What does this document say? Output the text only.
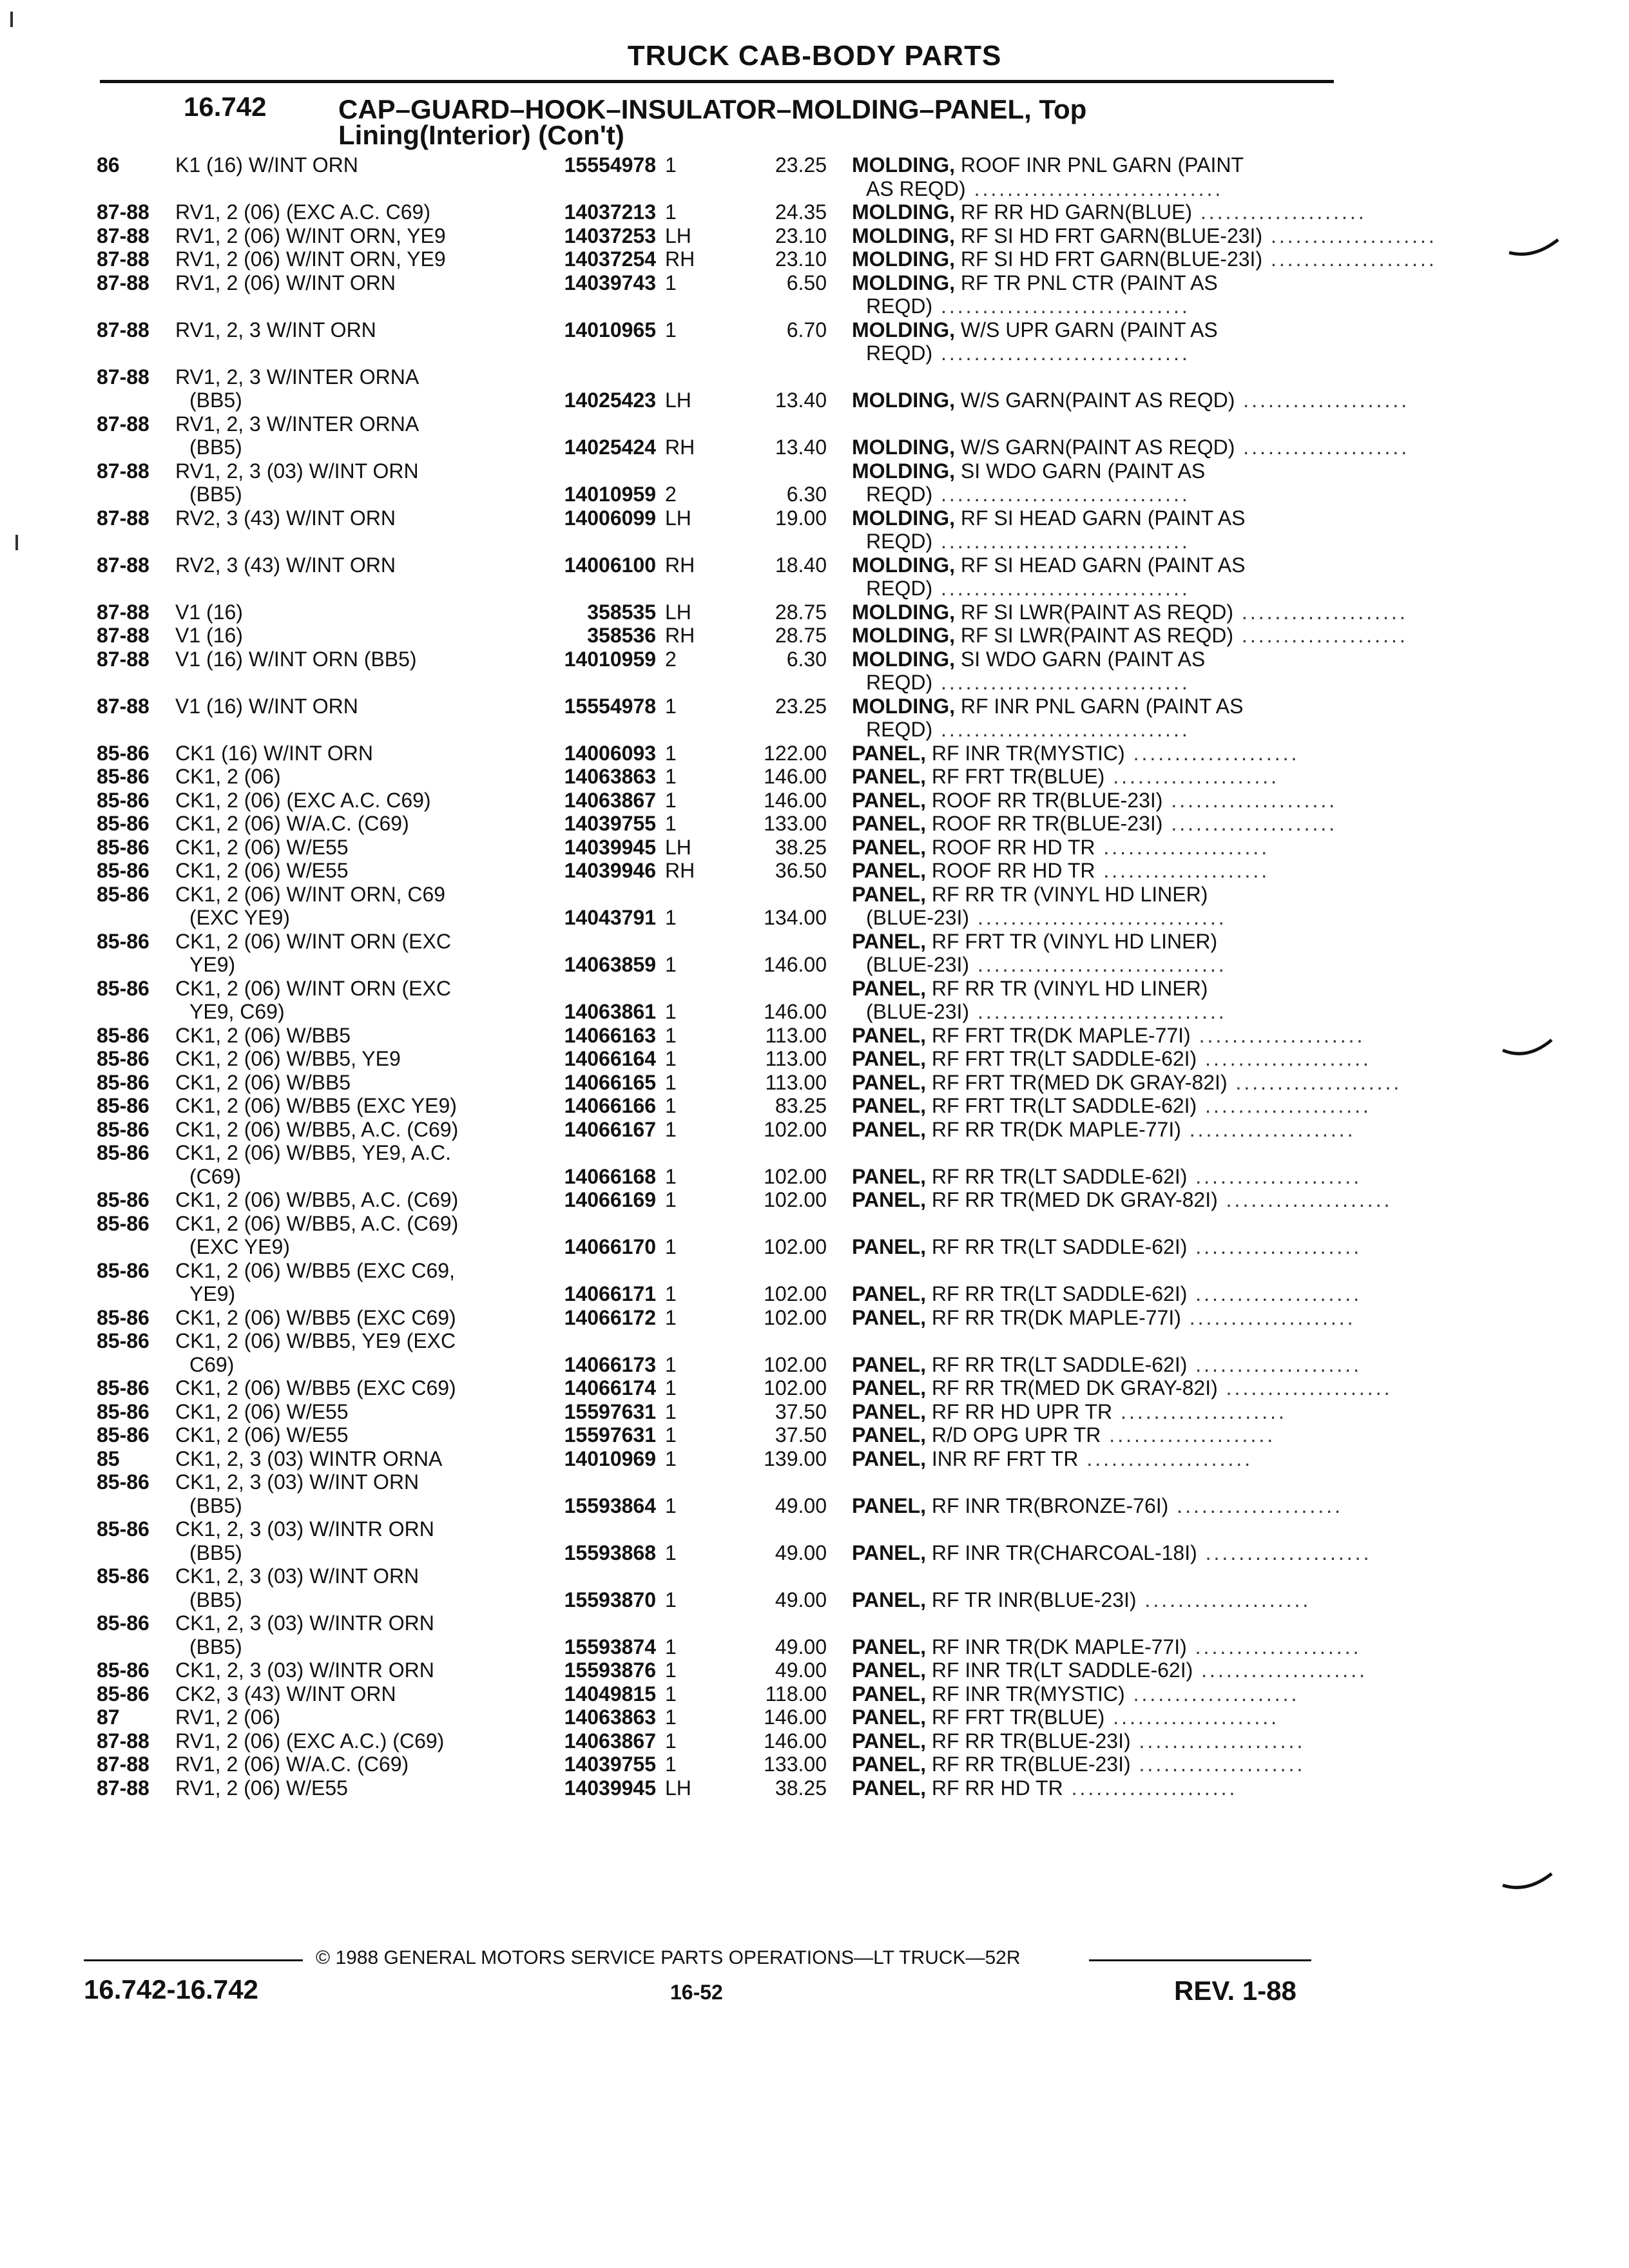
TRUCK CAB-BODY PARTS
16.742	CAP–GUARD–HOOK–INSULATOR–MOLDING–PANEL, Top
Lining(Interior) (Con't)
86	K1 (16) W/INT ORN	15554978 1	23.25 MOLDING, ROOF INR PNL GARN (PAINT
AS REQD) ..............................
87-88 RV1, 2 (06) (EXC A.C. C69)	14037213 1	24.35 MOLDING, RF RR HD GARN(BLUE) ....................
87-88 RV1, 2 (06) W/INT ORN, YE9	14037253 LH	23.10 MOLDING, RF SI HD FRT GARN(BLUE-23I) ....................
87-88 RV1, 2 (06) W/INT ORN, YE9	14037254 RH	23.10 MOLDING, RF SI HD FRT GARN(BLUE-23I) ....................
87-88 RV1, 2 (06) W/INT ORN	14039743 1	6.50 MOLDING, RF TR PNL CTR (PAINT AS
REQD) ..............................
87-88 RV1, 2, 3 W/INT ORN	14010965 1	6.70 MOLDING, W/S UPR GARN (PAINT AS
REQD) ..............................
87-88 RV1, 2, 3 W/INTER ORNA
(BB5)	14025423 LH	13.40 MOLDING, W/S GARN(PAINT AS REQD) ....................
87-88 RV1, 2, 3 W/INTER ORNA
(BB5)	14025424 RH	13.40 MOLDING, W/S GARN(PAINT AS REQD) ....................
87-88 RV1, 2, 3 (03) W/INT ORN
(BB5)	14010959 2	6.30
MOLDING, SI WDO GARN (PAINT AS
REQD) ..............................
87-88 RV2, 3 (43) W/INT ORN	14006099 LH	19.00 MOLDING, RF SI HEAD GARN (PAINT AS
REQD) ..............................
87-88 RV2, 3 (43) W/INT ORN	14006100 RH	18.40 MOLDING, RF SI HEAD GARN (PAINT AS
REQD) ..............................
87-88 V1 (16)	358535 LH	28.75 MOLDING, RF SI LWR(PAINT AS REQD) ....................
87-88 V1 (16)	358536 RH	28.75 MOLDING, RF SI LWR(PAINT AS REQD) ....................
87-88 V1 (16) W/INT ORN (BB5)	14010959 2	6.30 MOLDING, SI WDO GARN (PAINT AS
REQD) ..............................
87-88 V1 (16) W/INT ORN	15554978 1	23.25 MOLDING, RF INR PNL GARN (PAINT AS
REQD) ..............................
85-86 CK1 (16) W/INT ORN	14006093 1	122.00 PANEL, RF INR TR(MYSTIC) ....................
85-86 CK1, 2 (06)	14063863 1	146.00 PANEL, RF FRT TR(BLUE) ....................
85-86 CK1, 2 (06) (EXC A.C. C69)	14063867 1	146.00 PANEL, ROOF RR TR(BLUE-23I) ....................
85-86 CK1, 2 (06) W/A.C. (C69)	14039755 1	133.00 PANEL, ROOF RR TR(BLUE-23I) ....................
85-86 CK1, 2 (06) W/E55	14039945 LH	38.25 PANEL, ROOF RR HD TR ....................
85-86 CK1, 2 (06) W/E55	14039946 RH	36.50 PANEL, ROOF RR HD TR ....................
85-86 CK1, 2 (06) W/INT ORN, C69
(EXC YE9)	14043791 1	134.00
PANEL, RF RR TR (VINYL HD LINER)
(BLUE-23I) ..............................
85-86 CK1, 2 (06) W/INT ORN (EXC
YE9)	14063859 1	146.00
PANEL, RF FRT TR (VINYL HD LINER)
(BLUE-23I) ..............................
85-86 CK1, 2 (06) W/INT ORN (EXC
YE9, C69)	14063861 1	146.00
PANEL, RF RR TR (VINYL HD LINER)
(BLUE-23I) ..............................
85-86 CK1, 2 (06) W/BB5	14066163 1	113.00 PANEL, RF FRT TR(DK MAPLE-77I) ....................
85-86 CK1, 2 (06) W/BB5, YE9	14066164 1	113.00 PANEL, RF FRT TR(LT SADDLE-62I) ....................
85-86 CK1, 2 (06) W/BB5	14066165 1	113.00 PANEL, RF FRT TR(MED DK GRAY-82I) ....................
85-86 CK1, 2 (06) W/BB5 (EXC YE9)	14066166 1	83.25 PANEL, RF FRT TR(LT SADDLE-62I) ....................
85-86 CK1, 2 (06) W/BB5, A.C. (C69)	14066167 1	102.00 PANEL, RF RR TR(DK MAPLE-77I) ....................
85-86 CK1, 2 (06) W/BB5, YE9, A.C.
(C69)	14066168 1	102.00 PANEL, RF RR TR(LT SADDLE-62I) ....................
85-86 CK1, 2 (06) W/BB5, A.C. (C69)	14066169 1	102.00 PANEL, RF RR TR(MED DK GRAY-82I) ....................
85-86 CK1, 2 (06) W/BB5, A.C. (C69)
(EXC YE9)	14066170 1	102.00 PANEL, RF RR TR(LT SADDLE-62I) ....................
85-86 CK1, 2 (06) W/BB5 (EXC C69,
YE9)	14066171 1	102.00 PANEL, RF RR TR(LT SADDLE-62I) ....................
85-86 CK1, 2 (06) W/BB5 (EXC C69)	14066172 1	102.00 PANEL, RF RR TR(DK MAPLE-77I) ....................
85-86 CK1, 2 (06) W/BB5, YE9 (EXC
C69)	14066173 1	102.00 PANEL, RF RR TR(LT SADDLE-62I) ....................
85-86 CK1, 2 (06) W/BB5 (EXC C69)	14066174 1	102.00 PANEL, RF RR TR(MED DK GRAY-82I) ....................
85-86 CK1, 2 (06) W/E55	15597631 1	37.50 PANEL, RF RR HD UPR TR ....................
85-86 CK1, 2 (06) W/E55	15597631 1	37.50 PANEL, R/D OPG UPR TR ....................
85	CK1, 2, 3 (03) WINTR ORNA	14010969 1	139.00 PANEL, INR RF FRT TR ....................
85-86 CK1, 2, 3 (03) W/INT ORN
(BB5)	15593864 1	49.00 PANEL, RF INR TR(BRONZE-76I) ....................
85-86 CK1, 2, 3 (03) W/INTR ORN
(BB5)	15593868 1	49.00 PANEL, RF INR TR(CHARCOAL-18I) ....................
85-86 CK1, 2, 3 (03) W/INT ORN
(BB5)	15593870 1	49.00 PANEL, RF TR INR(BLUE-23I) ....................
85-86 CK1, 2, 3 (03) W/INTR ORN
(BB5)	15593874 1	49.00 PANEL, RF INR TR(DK MAPLE-77I) ....................
85-86 CK1, 2, 3 (03) W/INTR ORN	15593876 1	49.00 PANEL, RF INR TR(LT SADDLE-62I) ....................
85-86 CK2, 3 (43) W/INT ORN	14049815 1	118.00 PANEL, RF INR TR(MYSTIC) ....................
87	RV1, 2 (06)	14063863 1	146.00 PANEL, RF FRT TR(BLUE) ....................
87-88 RV1, 2 (06) (EXC A.C.) (C69)	14063867 1	146.00 PANEL, RF RR TR(BLUE-23I) ....................
87-88 RV1, 2 (06) W/A.C. (C69)	14039755 1	133.00 PANEL, RF RR TR(BLUE-23I) ....................
87-88 RV1, 2 (06) W/E55	14039945 LH	38.25 PANEL, RF RR HD TR ....................
© 1988 GENERAL MOTORS SERVICE PARTS OPERATIONS—LT TRUCK—52R
16.742-16.742	16-52	REV. 1-88
